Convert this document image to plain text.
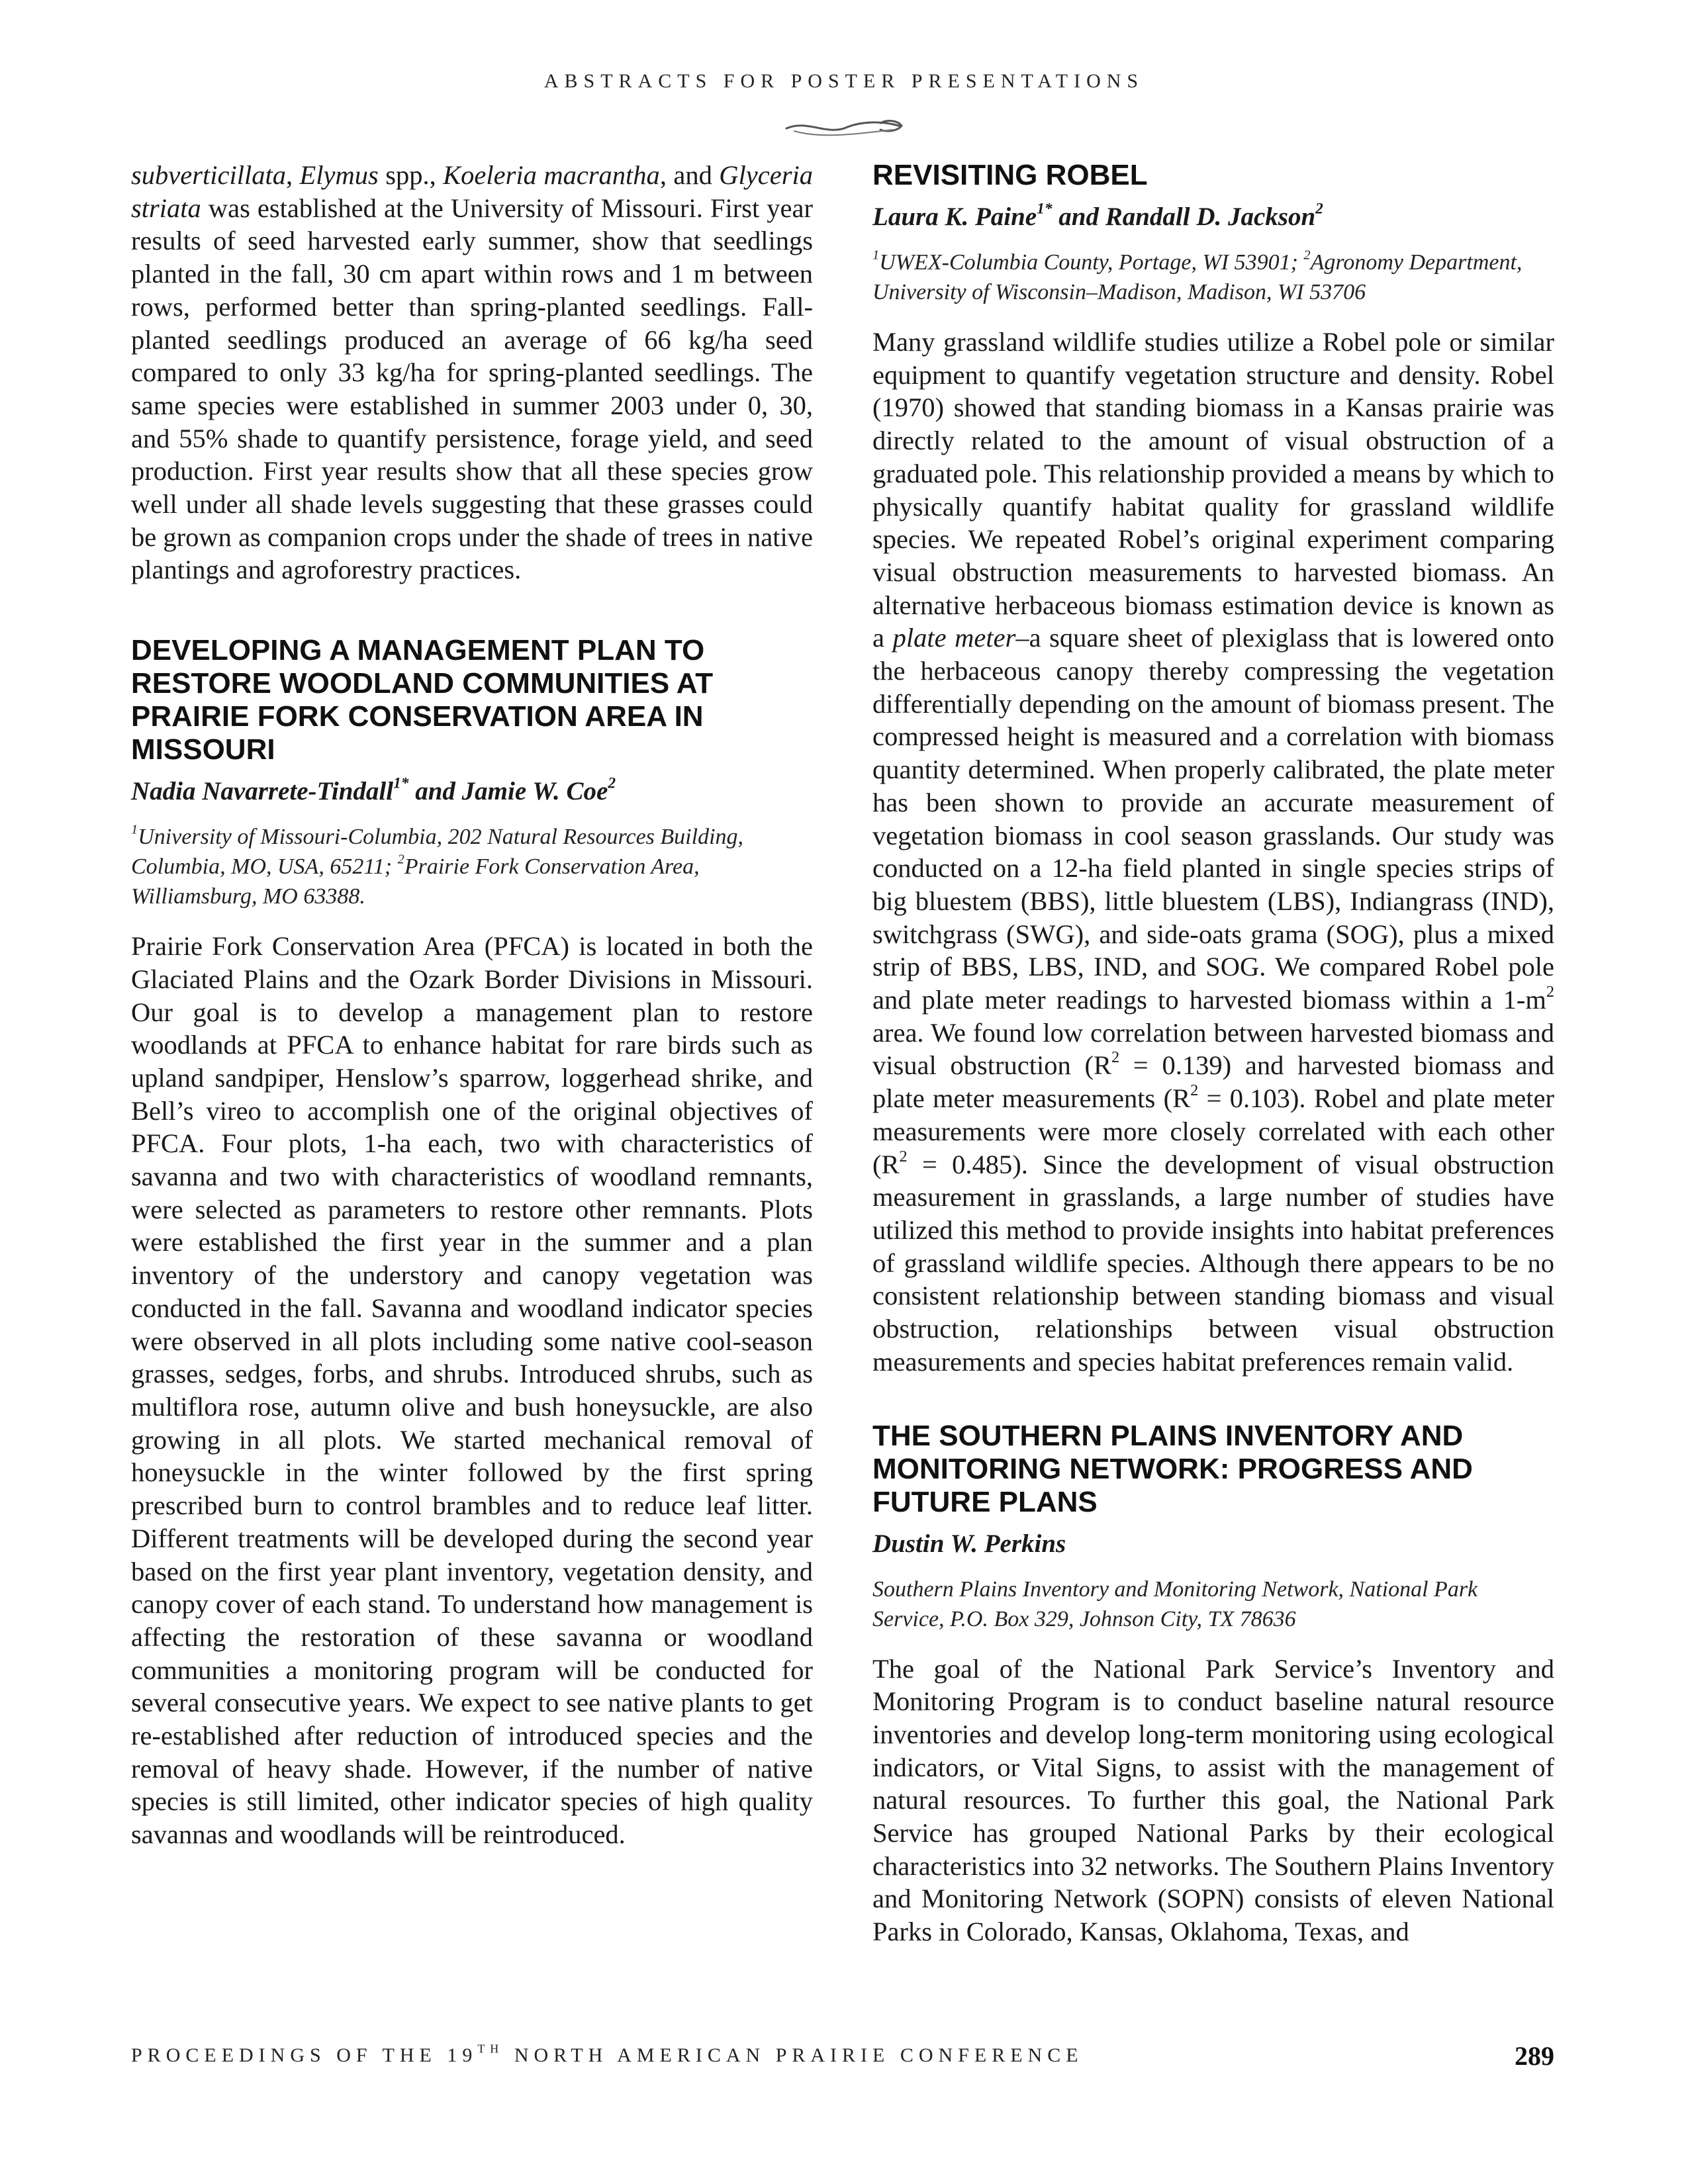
ABSTRACTS FOR POSTER PRESENTATIONS

subverticillata, Elymus spp., Koeleria macrantha, and Glyceria striata was established at the University of Missouri. First year results of seed harvested early summer, show that seedlings planted in the fall, 30 cm apart within rows and 1 m between rows, performed better than spring-planted seedlings. Fall-planted seedlings produced an average of 66 kg/ha seed compared to only 33 kg/ha for spring-planted seedlings. The same species were established in summer 2003 under 0, 30, and 55% shade to quantify persistence, forage yield, and seed production. First year results show that all these species grow well under all shade levels suggesting that these grasses could be grown as companion crops under the shade of trees in native plantings and agroforestry practices.

DEVELOPING A MANAGEMENT PLAN TO RESTORE WOODLAND COMMUNITIES AT PRAIRIE FORK CONSERVATION AREA IN MISSOURI

Nadia Navarrete-Tindall$^{1*}$ and Jamie W. Coe$^2$

$^1$University of Missouri-Columbia, 202 Natural Resources Building, Columbia, MO, USA, 65211; $^2$Prairie Fork Conservation Area, Williamsburg, MO 63388.

Prairie Fork Conservation Area (PFCA) is located in both the Glaciated Plains and the Ozark Border Divisions in Missouri. Our goal is to develop a management plan to restore woodlands at PFCA to enhance habitat for rare birds such as upland sandpiper, Henslow’s sparrow, loggerhead shrike, and Bell’s vireo to accomplish one of the original objectives of PFCA. Four plots, 1-ha each, two with characteristics of savanna and two with characteristics of woodland remnants, were selected as parameters to restore other remnants. Plots were established the first year in the summer and a plan inventory of the understory and canopy vegetation was conducted in the fall. Savanna and woodland indicator species were observed in all plots including some native cool-season grasses, sedges, forbs, and shrubs. Introduced shrubs, such as multiflora rose, autumn olive and bush honeysuckle, are also growing in all plots. We started mechanical removal of honeysuckle in the winter followed by the first spring prescribed burn to control brambles and to reduce leaf litter. Different treatments will be developed during the second year based on the first year plant inventory, vegetation density, and canopy cover of each stand. To understand how management is affecting the restoration of these savanna or woodland communities a monitoring program will be conducted for several consecutive years. We expect to see native plants to get re-established after reduction of introduced species and the removal of heavy shade. However, if the number of native species is still limited, other indicator species of high quality savannas and woodlands will be reintroduced.

REVISITING ROBEL

Laura K. Paine$^{1*}$ and Randall D. Jackson$^2$

$^1$UWEX-Columbia County, Portage, WI 53901; $^2$Agronomy Department, University of Wisconsin–Madison, Madison, WI 53706

Many grassland wildlife studies utilize a Robel pole or similar equipment to quantify vegetation structure and density. Robel (1970) showed that standing biomass in a Kansas prairie was directly related to the amount of visual obstruction of a graduated pole. This relationship provided a means by which to physically quantify habitat quality for grassland wildlife species. We repeated Robel’s original experiment comparing visual obstruction measurements to harvested biomass. An alternative herbaceous biomass estimation device is known as a plate meter–a square sheet of plexiglass that is lowered onto the herbaceous canopy thereby compressing the vegetation differentially depending on the amount of biomass present. The compressed height is measured and a correlation with biomass quantity determined. When properly calibrated, the plate meter has been shown to provide an accurate measurement of vegetation biomass in cool season grasslands. Our study was conducted on a 12-ha field planted in single species strips of big bluestem (BBS), little bluestem (LBS), Indiangrass (IND), switchgrass (SWG), and side-oats grama (SOG), plus a mixed strip of BBS, LBS, IND, and SOG. We compared Robel pole and plate meter readings to harvested biomass within a $1-m^2$ area. We found low correlation between harvested biomass and visual obstruction $(R^2 = 0.139)$ and harvested biomass and plate meter measurements $(R^2 = 0.103)$. Robel and plate meter measurements were more closely correlated with each other $(R^2 = 0.485)$. Since the development of visual obstruction measurement in grasslands, a large number of studies have utilized this method to provide insights into habitat preferences of grassland wildlife species. Although there appears to be no consistent relationship between standing biomass and visual obstruction, relationships between visual obstruction measurements and species habitat preferences remain valid.

THE SOUTHERN PLAINS INVENTORY AND MONITORING NETWORK: PROGRESS AND FUTURE PLANS

Dustin W. Perkins

Southern Plains Inventory and Monitoring Network, National Park Service, P.O. Box 329, Johnson City, TX 78636

The goal of the National Park Service’s Inventory and Monitoring Program is to conduct baseline natural resource inventories and develop long-term monitoring using ecological indicators, or Vital Signs, to assist with the management of natural resources. To further this goal, the National Park Service has grouped National Parks by their ecological characteristics into 32 networks. The Southern Plains Inventory and Monitoring Network (SOPN) consists of eleven National Parks in Colorado, Kansas, Oklahoma, Texas, and

PROCEEDINGS OF THE 19TH NORTH AMERICAN PRAIRIE CONFERENCE	289
